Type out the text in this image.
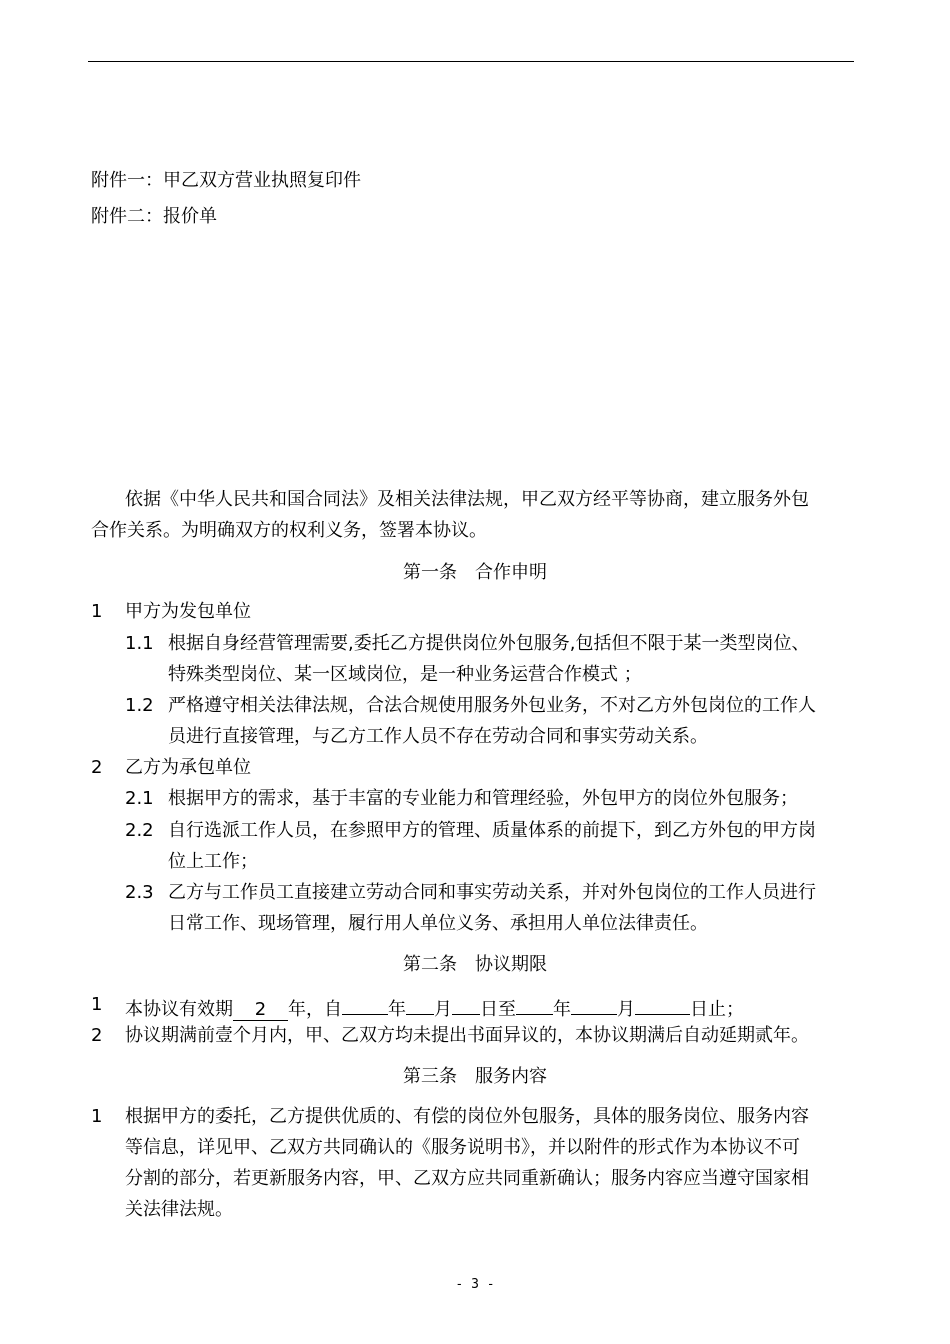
附件一：甲乙双方营业执照复印件
附件二：报价单
依据《中华人民共和国合同法》及相关法律法规，甲乙双方经平等协商，建立服务外包
合作关系。为明确双方的权利义务，签署本协议。
第一条　合作申明
1 甲方为发包单位
1.1 根据自身经营管理需要,委托乙方提供岗位外包服务,包括但不限于某一类型岗位、
特殊类型岗位、某一区域岗位，是一种业务运营合作模式 ；
1.2 严格遵守相关法律法规，合法合规使用服务外包业务，不对乙方外包岗位的工作人
员进行直接管理，与乙方工作人员不存在劳动合同和事实劳动关系。
2 乙方为承包单位
2.1 根据甲方的需求，基于丰富的专业能力和管理经验，外包甲方的岗位外包服务；
2.2 自行选派工作人员，在参照甲方的管理、质量体系的前提下，到乙方外包的甲方岗
位上工作；
2.3 乙方与工作员工直接建立劳动合同和事实劳动关系，并对外包岗位的工作人员进行
日常工作、现场管理，履行用人单位义务、承担用人单位法律责任。
第二条　协议期限
1 本协议有效期 2 年，自	年 月 日至 年	月	日止；
2 协议期满前壹个月内，甲、乙双方均未提出书面异议的，本协议期满后自动延期贰年。
第三条　服务内容
1 根据甲方的委托，乙方提供优质的、有偿的岗位外包服务，具体的服务岗位、服务内容
等信息，详见甲、乙双方共同确认的《服务说明书》，并以附件的形式作为本协议不可
分割的部分，若更新服务内容，甲、乙双方应共同重新确认；服务内容应当遵守国家相
关法律法规。
- 3 -
